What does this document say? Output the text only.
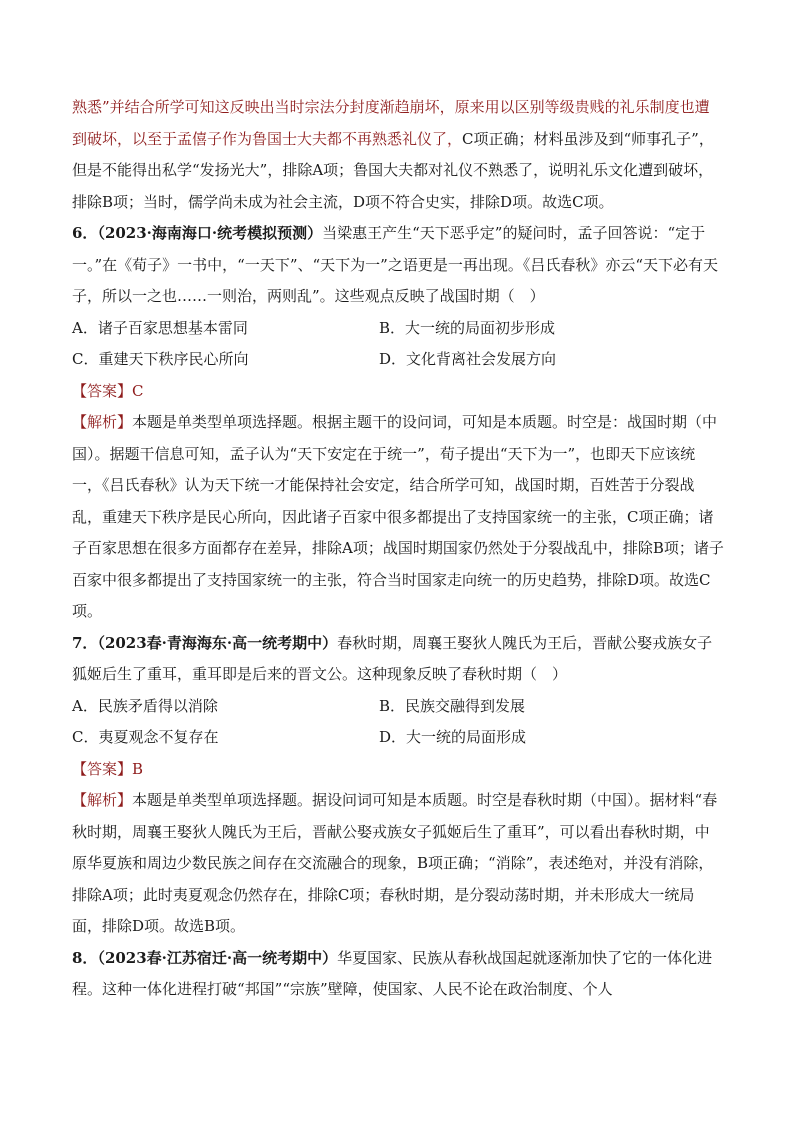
熟悉”并结合所学可知这反映出当时宗法分封度渐趋崩坏，原来用以区别等级贵贱的礼乐制度也遭到破坏，以至于孟僖子作为鲁国士大夫都不再熟悉礼仪了，C项正确；材料虽涉及到“师事孔子”，但是不能得出私学“发扬光大”，排除A项；鲁国大夫都对礼仪不熟悉了，说明礼乐文化遭到破坏，排除B项；当时，儒学尚未成为社会主流，D项不符合史实，排除D项。故选C项。

6．（2023·海南海口·统考模拟预测）当梁惠王产生“天下恶乎定”的疑问时，孟子回答说：“定于一。”在《荀子》一书中，“一天下”、“天下为一”之语更是一再出现。《吕氏春秋》亦云“天下必有天子，所以一之也……一则治，两则乱”。这些观点反映了战国时期（　）

A．诸子百家思想基本雷同	B．大一统的局面初步形成
C．重建天下秩序民心所向	D．文化背离社会发展方向

【答案】C

【解析】本题是单类型单项选择题。根据主题干的设问词，可知是本质题。时空是：战国时期（中国）。据题干信息可知，孟子认为“天下安定在于统一”，荀子提出“天下为一”，也即天下应该统一，《吕氏春秋》认为天下统一才能保持社会安定，结合所学可知，战国时期，百姓苦于分裂战乱，重建天下秩序是民心所向，因此诸子百家中很多都提出了支持国家统一的主张，C项正确；诸子百家思想在很多方面都存在差异，排除A项；战国时期国家仍然处于分裂战乱中，排除B项；诸子百家中很多都提出了支持国家统一的主张，符合当时国家走向统一的历史趋势，排除D项。故选C项。

7．（2023春·青海海东·高一统考期中）春秋时期，周襄王娶狄人隗氏为王后，晋献公娶戎族女子狐姬后生了重耳，重耳即是后来的晋文公。这种现象反映了春秋时期（　）

A．民族矛盾得以消除	B．民族交融得到发展
C．夷夏观念不复存在	D．大一统的局面形成

【答案】B

【解析】本题是单类型单项选择题。据设问词可知是本质题。时空是春秋时期（中国）。据材料“春秋时期，周襄王娶狄人隗氏为王后，晋献公娶戎族女子狐姬后生了重耳”，可以看出春秋时期，中原华夏族和周边少数民族之间存在交流融合的现象，B项正确；“消除”，表述绝对，并没有消除，排除A项；此时夷夏观念仍然存在，排除C项；春秋时期，是分裂动荡时期，并未形成大一统局面，排除D项。故选B项。

8．（2023春·江苏宿迁·高一统考期中）华夏国家、民族从春秋战国起就逐渐加快了它的一体化进程。这种一体化进程打破“邦国”“宗族”壁障，使国家、人民不论在政治制度、个人
